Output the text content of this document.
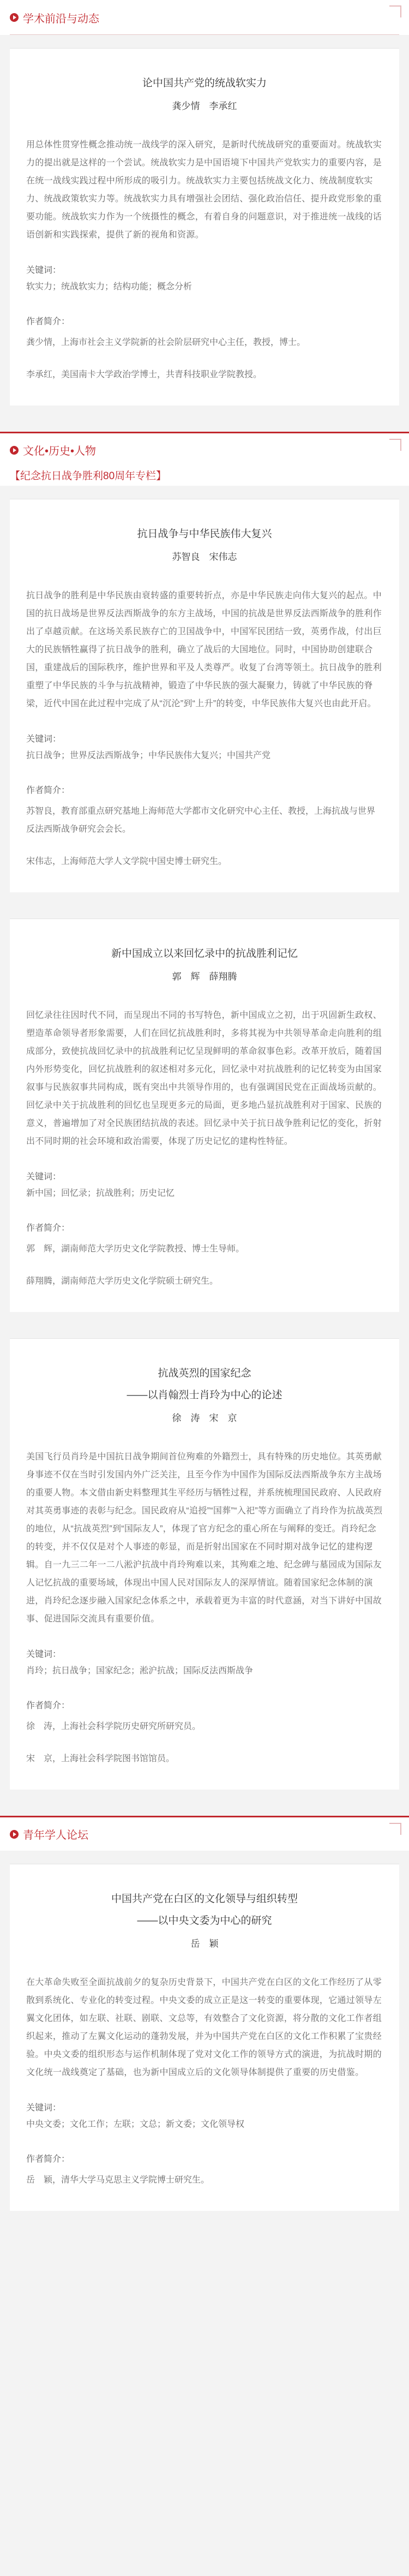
学术前沿与动态
论中国共产党的统战软实力
龚少情　李承红

用总体性贯穿性概念推动统一战线学的深入研究，是新时代统战研究的重要面对。统战软实力的提出就是这样的一个尝试。统战软实力是中国语境下中国共产党软实力的重要内容，是在统一战线实践过程中所形成的吸引力。统战软实力主要包括统战文化力、统战制度软实力、统战政策软实力等。统战软实力具有增强社会团结、强化政治信任、提升政党形象的重要功能。统战软实力作为一个统摄性的概念，有着自身的问题意识，对于推进统一战线的话语创新和实践探索，提供了新的视角和资源。

关键词：
软实力；统战软实力；结构功能；概念分析
作者简介：

龚少情，上海市社会主义学院新的社会阶层研究中心主任，教授，博士。

李承红，美国南卡大学政治学博士，共青科技职业学院教授。

文化•历史•人物
【纪念抗日战争胜利80周年专栏】
抗日战争与中华民族伟大复兴
苏智良　宋伟志

抗日战争的胜利是中华民族由衰转盛的重要转折点，亦是中华民族走向伟大复兴的起点。中国的抗日战场是世界反法西斯战争的东方主战场，中国的抗战是世界反法西斯战争的胜利作出了卓越贡献。在这场关系民族存亡的卫国战争中，中国军民团结一致，英勇作战，付出巨大的民族牺牲赢得了抗日战争的胜利，确立了战后的大国地位。同时，中国协助创建联合国，重建战后的国际秩序，维护世界和平及人类尊严。收复了台湾等领土。抗日战争的胜利重塑了中华民族的斗争与抗战精神，锻造了中华民族的强大凝聚力，铸就了中华民族的脊梁，近代中国在此过程中完成了从“沉沦”到“上升”的转变，中华民族伟大复兴也由此开启。

关键词：
抗日战争；世界反法西斯战争；中华民族伟大复兴；中国共产党
作者简介：

苏智良，教育部重点研究基地上海师范大学都市文化研究中心主任、教授，上海抗战与世界反法西斯战争研究会会长。

宋伟志，上海师范大学人文学院中国史博士研究生。

新中国成立以来回忆录中的抗战胜利记忆
郭　辉　薛翔腾

回忆录往往因时代不同，而呈现出不同的书写特色，新中国成立之初，出于巩固新生政权、塑造革命领导者形象需要，人们在回忆抗战胜利时，多将其视为中共领导革命走向胜利的组成部分，致使抗战回忆录中的抗战胜利记忆呈现鲜明的革命叙事色彩。改革开放后，随着国内外形势变化，回忆抗战胜利的叙述相对多元化，回忆录中对抗战胜利的记忆转变为由国家叙事与民族叙事共同构成，既有突出中共领导作用的，也有强调国民党在正面战场贡献的。回忆录中关于抗战胜利的回忆也呈现更多元的局面，更多地凸显抗战胜利对于国家、民族的意义，普遍增加了对全民族团结抗战的表述。回忆录中关于抗日战争胜利记忆的变化，折射出不同时期的社会环境和政治需要，体现了历史记忆的建构性特征。

关键词：
新中国；回忆录；抗战胜利；历史记忆
作者简介：

郭　辉，湖南师范大学历史文化学院教授、博士生导师。

薛翔腾，湖南师范大学历史文化学院硕士研究生。

抗战英烈的国家纪念
——以肖翰烈士肖玲为中心的论述
徐　涛　宋　京

美国飞行员肖玲是中国抗日战争期间首位殉难的外籍烈士，具有特殊的历史地位。其英勇献身事迹不仅在当时引发国内外广泛关注，且至今作为中国作为国际反法西斯战争东方主战场的重要人物。本文借由新史料整理其生平经历与牺牲过程，并系统梳理国民政府、人民政府对其英勇事迹的表彰与纪念。国民政府从“追授”“国葬”“入祀”等方面确立了肖玲作为抗战英烈的地位，从“抗战英烈”到“国际友人”，体现了官方纪念的重心所在与阐释的变迁。肖玲纪念的转变，并不仅仅是对个人事迹的彰显，而是折射出国家在不同时期对战争记忆的建构逻辑。自一九三二年一二八淞沪抗战中肖玲殉难以来，其殉难之地、纪念碑与墓园成为国际友人记忆抗战的重要场域，体现出中国人民对国际友人的深厚情谊。随着国家纪念体制的演进，肖玲纪念逐步融入国家纪念体系之中，承载着更为丰富的时代意涵，对当下讲好中国故事、促进国际交流具有重要价值。

关键词：
肖玲；抗日战争；国家纪念；淞沪抗战；国际反法西斯战争
作者简介：

徐　涛，上海社会科学院历史研究所研究员。

宋　京，上海社会科学院图书馆馆员。

青年学人论坛
中国共产党在白区的文化领导与组织转型
——以中央文委为中心的研究
岳　颖

在大革命失败至全面抗战前夕的复杂历史背景下，中国共产党在白区的文化工作经历了从零散到系统化、专业化的转变过程。中央文委的成立正是这一转变的重要体现，它通过领导左翼文化团体，如左联、社联、剧联、文总等，有效整合了文化资源，将分散的文化工作者组织起来，推动了左翼文化运动的蓬勃发展，并为中国共产党在白区的文化工作积累了宝贵经验。中央文委的组织形态与运作机制体现了党对文化工作的领导方式的演进，为抗战时期的文化统一战线奠定了基础，也为新中国成立后的文化领导体制提供了重要的历史借鉴。

关键词：
中央文委；文化工作；左联；文总；新文委；文化领导权
作者简介：

岳　颖，清华大学马克思主义学院博士研究生。
